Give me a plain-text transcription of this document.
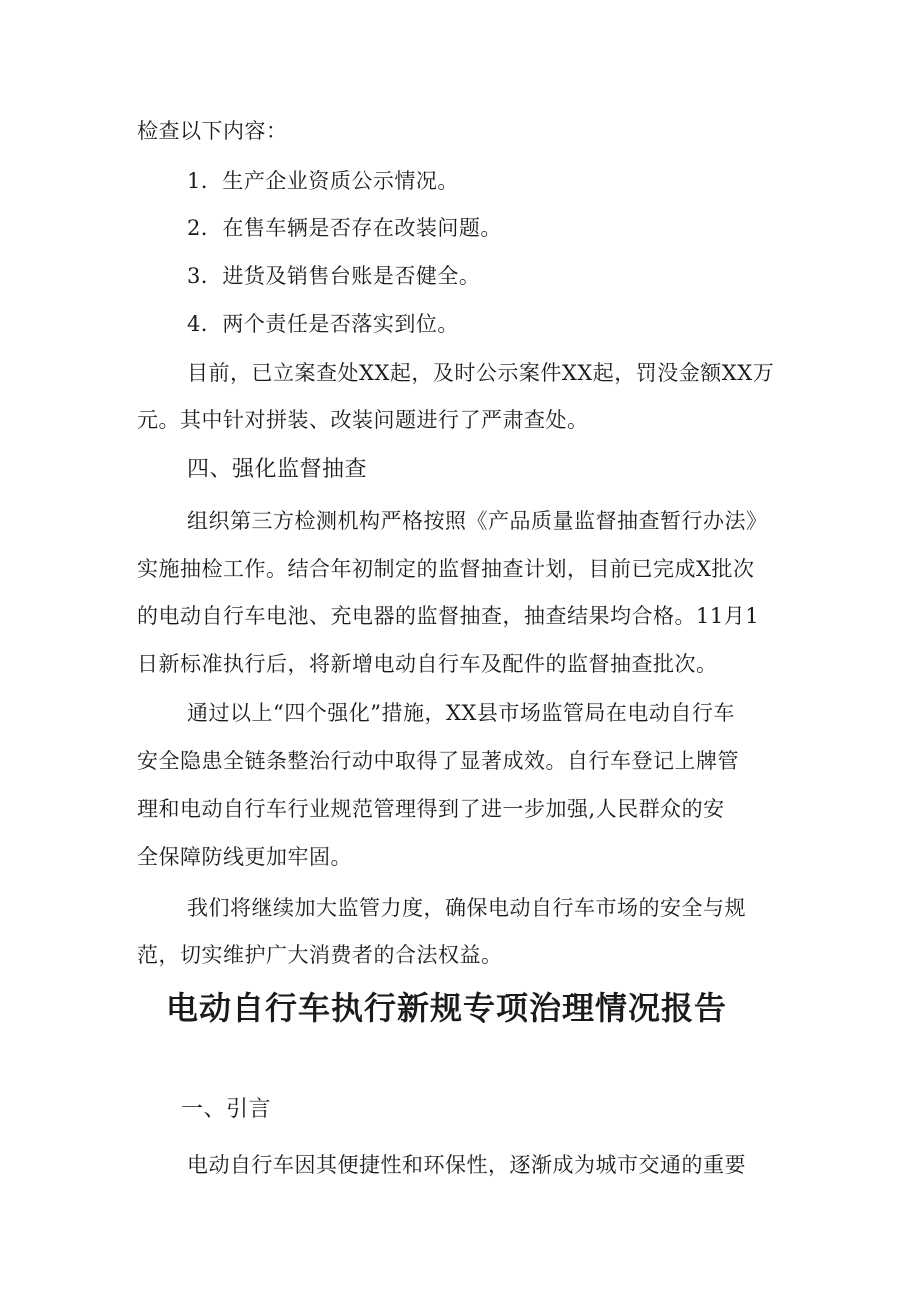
检查以下内容：

1．生产企业资质公示情况。

2．在售车辆是否存在改装问题。

3．进货及销售台账是否健全。

4．两个责任是否落实到位。

目前，已立案查处XX起，及时公示案件XX起，罚没金额XX万

元。其中针对拼装、改装问题进行了严肃查处。

四、强化监督抽查

组织第三方检测机构严格按照《产品质量监督抽查暂行办法》

实施抽检工作。结合年初制定的监督抽查计划，目前已完成X批次

的电动自行车电池、充电器的监督抽查，抽查结果均合格。11月1

日新标准执行后，将新增电动自行车及配件的监督抽查批次。

通过以上“四个强化”措施，XX县市场监管局在电动自行车

安全隐患全链条整治行动中取得了显著成效。自行车登记上牌管

理和电动自行车行业规范管理得到了进一步加强,人民群众的安

全保障防线更加牢固。

我们将继续加大监管力度，确保电动自行车市场的安全与规

范，切实维护广大消费者的合法权益。

电动自行车执行新规专项治理情况报告

一、引言

电动自行车因其便捷性和环保性，逐渐成为城市交通的重要
